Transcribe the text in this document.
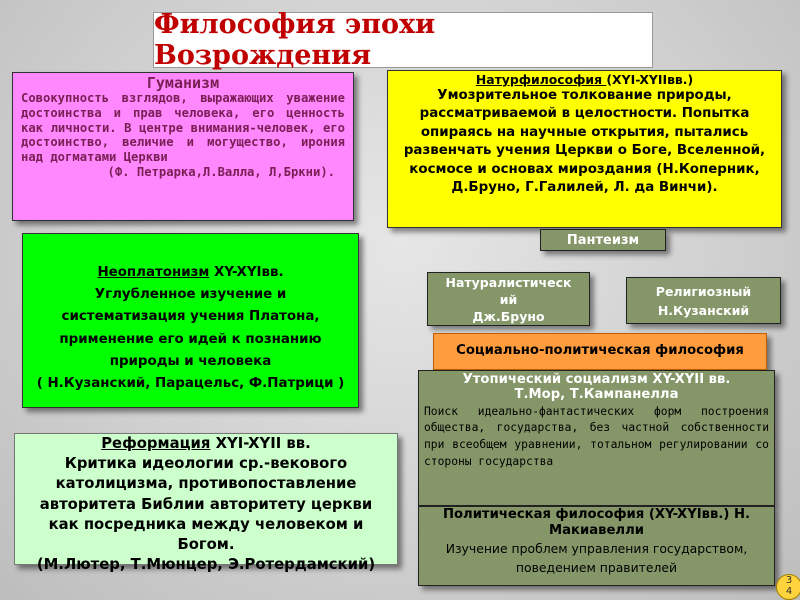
Философия эпохи Возрождения
Гуманизм
Совокупность взглядов, выражающих уважение достоинства и прав человека, его ценность как личности. В центре внимания-человек, его достоинство, величие и могущество, ирония над догматами Церкви
(Ф. Петрарка,Л.Валла, Л,Бркни).
Натурфилософия (XYI-XYIIвв.)
Умозрительное толкование природы, рассматриваемой в целостности. Попытка опираясь на научные открытия, пытались развенчать учения Церкви о Боге, Вселенной, космосе и основах мироздания (Н.Коперник, Д.Бруно, Г.Галилей, Л. да Винчи).
Неоплатонизм XY-XYIвв.
Углубленное изучение и систематизация учения Платона, применение его идей к познанию природы и человека
( Н.Кузанский, Парацельс, Ф.Патрици )
Реформация XYI-XYII вв.
Критика идеологии ср.-векового католицизма, противопоставление авторитета Библии авторитету церкви как посредника между человеком и Богом.
(М.Лютер, Т.Мюнцер, Э.Ротердамский)
Пантеизм
Натуралистическ
ий
Дж.Бруно
Религиозный
Н.Кузанский
Социально-политическая философия
Утопический социализм XY-XYII вв.
Т.Мор, Т.Кампанелла
Поиск идеально-фантастических форм построения общества, государства, без частной собственности при всеобщем уравнении, тотальном регулировании со стороны государства
Политическая философия (XY-XYIвв.) Н. Макиавелли
Изучение проблем управления государством, поведением правителей
3
4
